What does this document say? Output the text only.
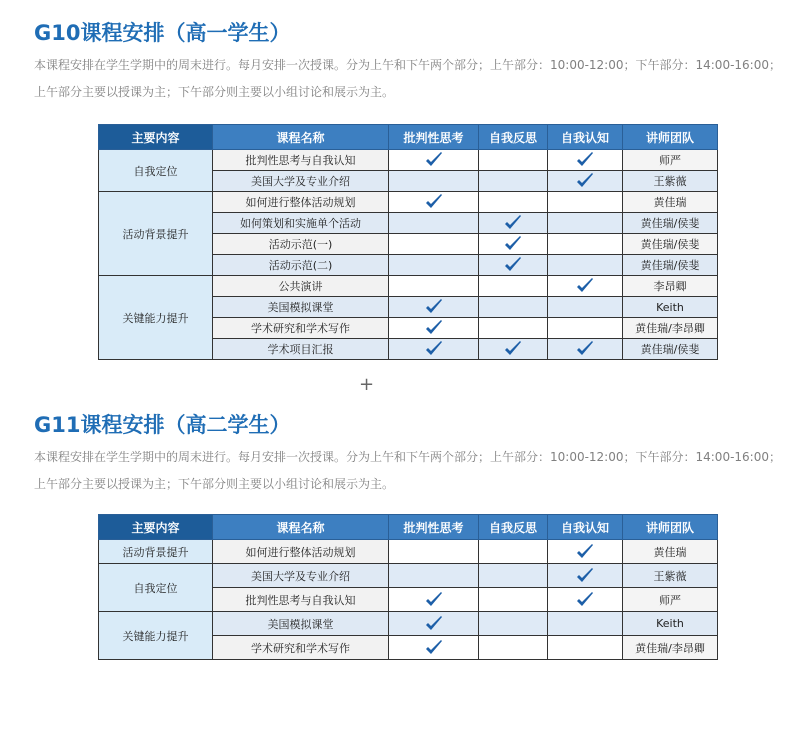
G10课程安排（高一学生）
本课程安排在学生学期中的周末进行。每月安排一次授课。分为上午和下午两个部分；上午部分：10:00-12:00；下午部分：14:00-16:00；
上午部分主要以授课为主；下午部分则主要以小组讨论和展示为主。
主要内容	课程名称	批判性思考	自我反思	自我认知	讲师团队
自我定位	批判性思考与自我认知				师严
	美国大学及专业介绍				王紫薇
活动背景提升	如何进行整体活动规划				黄佳瑞
	如何策划和实施单个活动				黄佳瑞/侯斐
	活动示范(一)				黄佳瑞/侯斐
	活动示范(二)				黄佳瑞/侯斐
关键能力提升	公共演讲				李昂卿
	美国模拟课堂				Keith
	学术研究和学术写作				黄佳瑞/李昂卿
	学术项目汇报				黄佳瑞/侯斐
+
G11课程安排（高二学生）
本课程安排在学生学期中的周末进行。每月安排一次授课。分为上午和下午两个部分；上午部分：10:00-12:00；下午部分：14:00-16:00；
上午部分主要以授课为主；下午部分则主要以小组讨论和展示为主。
主要内容	课程名称	批判性思考	自我反思	自我认知	讲师团队
活动背景提升	如何进行整体活动规划				黄佳瑞
自我定位	美国大学及专业介绍				王紫薇
	批判性思考与自我认知				师严
关键能力提升	美国模拟课堂				Keith
	学术研究和学术写作				黄佳瑞/李昂卿
